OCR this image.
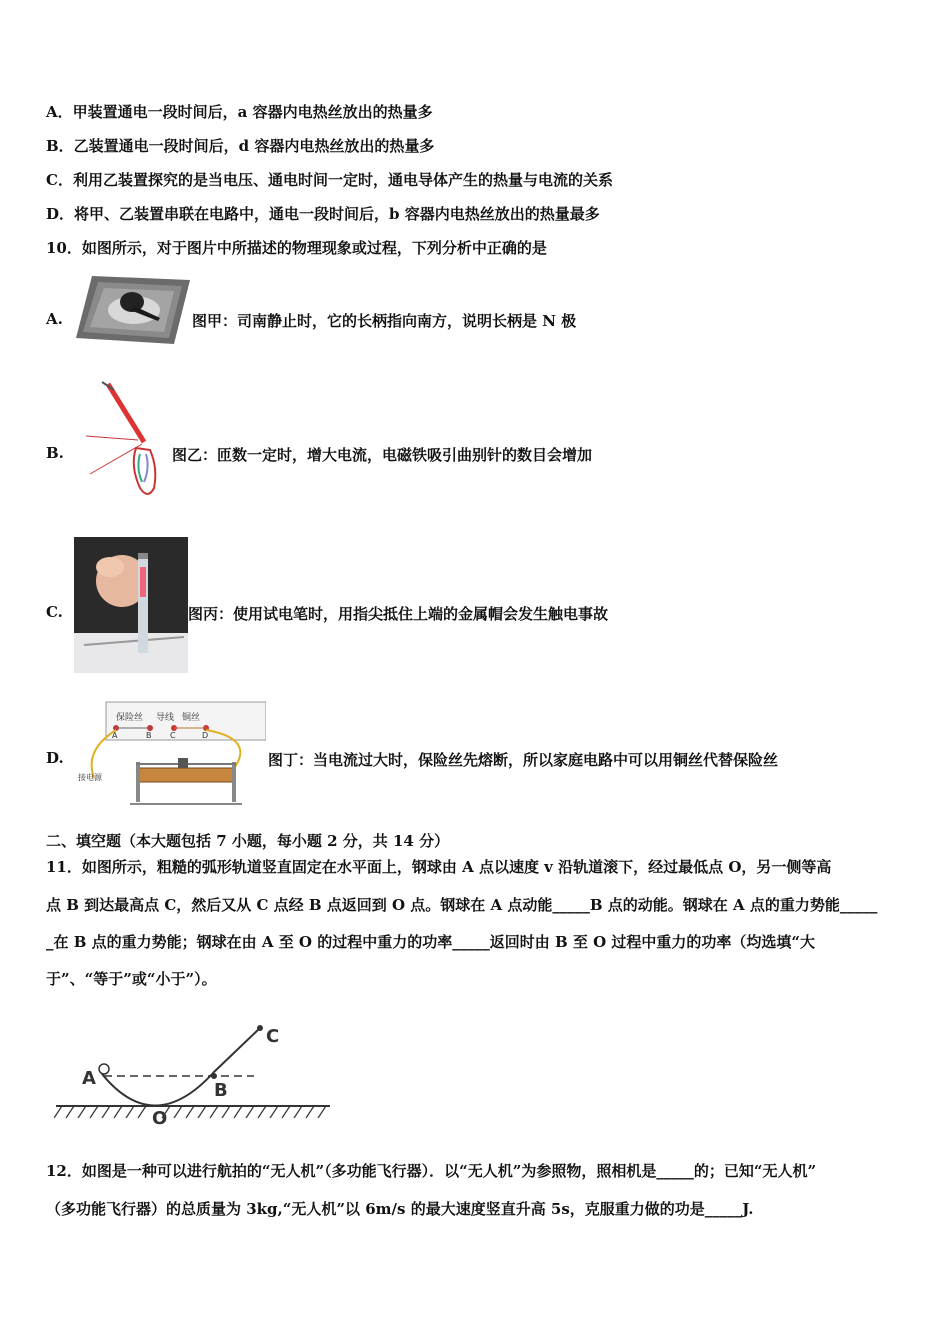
A．甲装置通电一段时间后，a 容器内电热丝放出的热量多
B．乙装置通电一段时间后，d 容器内电热丝放出的热量多
C．利用乙装置探究的是当电压、通电时间一定时，通电导体产生的热量与电流的关系
D．将甲、乙装置串联在电路中，通电一段时间后，b 容器内电热丝放出的热量最多
10．如图所示，对于图片中所描述的物理现象或过程，下列分析中正确的是
A.	图甲：司南静止时，它的长柄指向南方，说明长柄是 N 极
B.	图乙：匝数一定时，增大电流，电磁铁吸引曲别针的数目会增加
C.	图丙：使用试电笔时，用指尖抵住上端的金属帽会发生触电事故
D.
保险丝 导线 铜丝
A	B C	D
接电源
图丁：当电流过大时，保险丝先熔断，所以家庭电路中可以用铜丝代替保险丝
二、填空题（本大题包括 7 小题，每小题 2 分，共 14 分）
11．如图所示，粗糙的弧形轨道竖直固定在水平面上，钢球由 A 点以速度 v 沿轨道滚下，经过最低点 O，另一侧等高
点 B 到达最高点 C，然后又从 C 点经 B 点返回到 O 点。钢球在 A 点动能_____B 点的动能。钢球在 A 点的重力势能_____
_在 B 点的重力势能；钢球在由 A 至 O 的过程中重力的功率_____返回时由 B 至 O 过程中重力的功率（均选填“大
于”、“等于”或“小于”）。
A
B
C
O
12．如图是一种可以进行航拍的“无人机”（多功能飞行器）．以“无人机”为参照物，照相机是_____的；已知“无人机”
（多功能飞行器）的总质量为 3kg,“无人机”以 6m/s 的最大速度竖直升高 5s，克服重力做的功是_____J.
